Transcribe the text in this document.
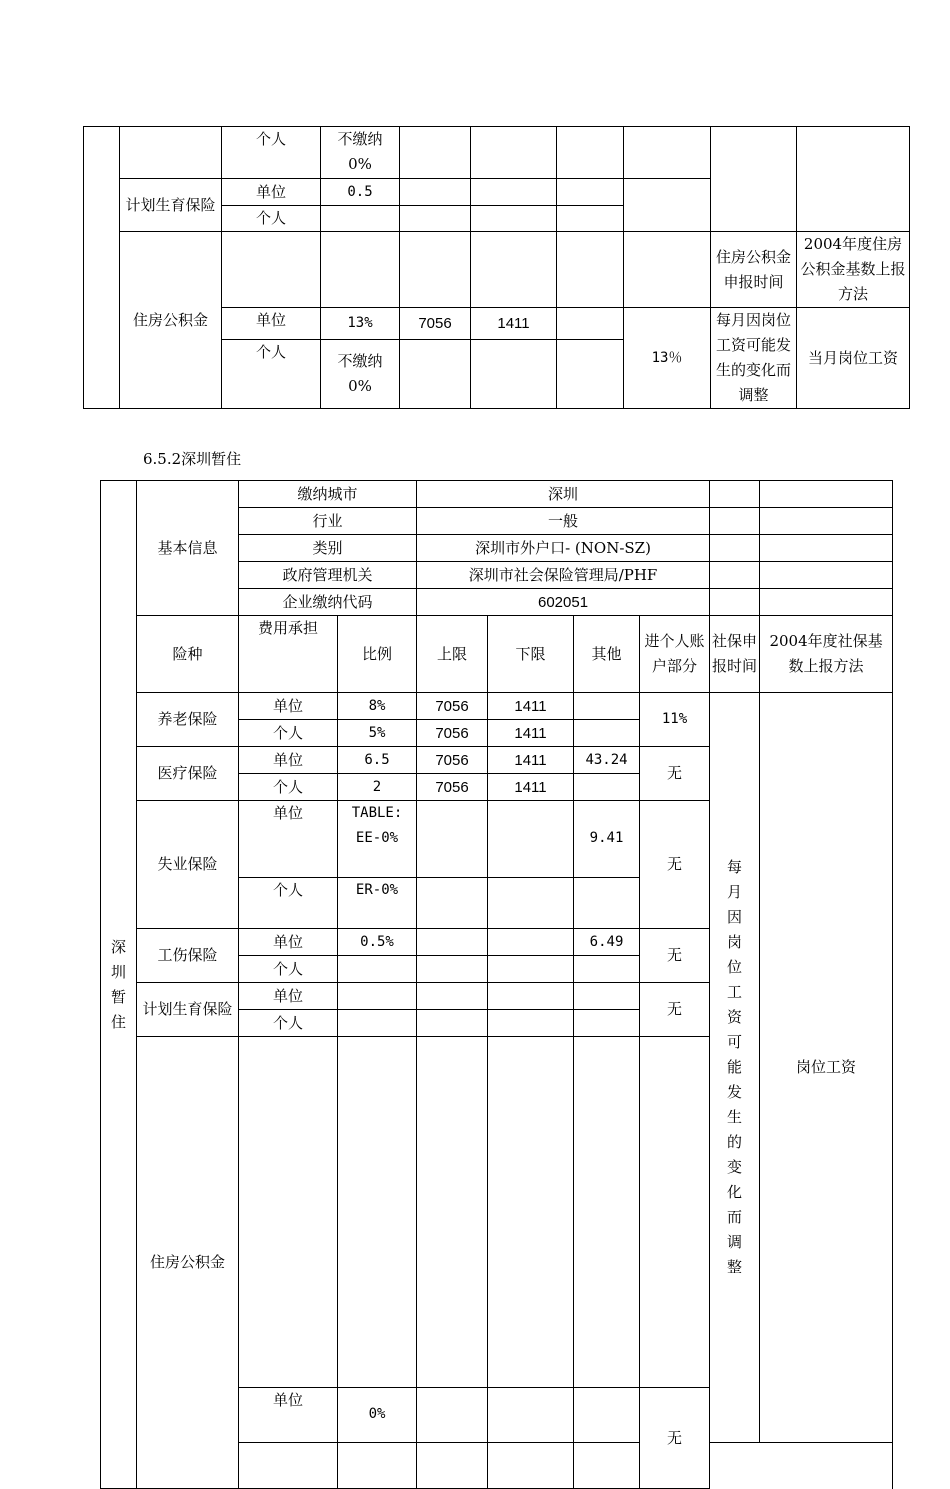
		个人	不缴纳
0%						

	计划生育保险	单位	0.5						
		个人							
	住房公积金							住房公积金申报时间	2004年度住房公积金基数上报方法
		单位	13%	7056	1411		13％	每月因岗位工资可能发生的变化而调整	当月岗位工资
		个人	不缴纳
0%						

6.5.2深圳暂住
深圳暂住	基本信息	缴纳城市		深圳						
		行业		一般						
		类别		深圳市外户口- (NON-SZ)						
		政府管理机关		深圳市社会保险管理局/PHF						
		企业缴纳代码		602051						
	险种	费用承担	比例	上限	下限	其他	进个人账户部分	社保申报时间	2004年度社保基数上报方法	
	养老保险	单位	8%	7056	1411		11%	每月因岗位工资可能发生的变化而调整	岗位工资	
		个人	5%	7056	1411					
	医疗保险	单位	6.5	7056	1411	43.24	无			
		个人	2	7056	1411					
	失业保险	单位	TABLE:
EE-0%			9.41	无			
		个人	ER-0%							
	工伤保险	单位	0.5%			6.49	无			
		个人								
	计划生育保险	单位					无			
		个人								
	住房公积金							

		单位	0%				无	
